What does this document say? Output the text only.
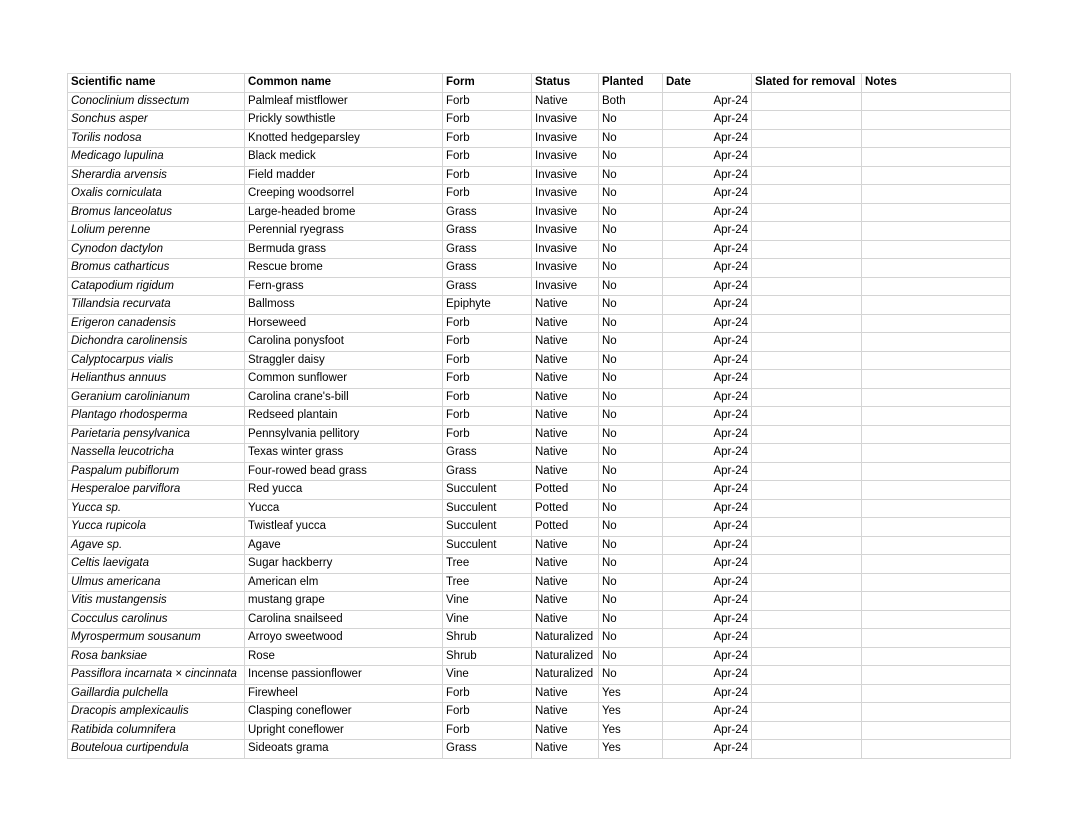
Scientific name	Common name	Form	Status	Planted	Date	Slated for removal	Notes
Conoclinium dissectum	Palmleaf mistflower	Forb	Native	Both	Apr-24		
Sonchus asper	Prickly sowthistle	Forb	Invasive	No	Apr-24		
Torilis nodosa	Knotted hedgeparsley	Forb	Invasive	No	Apr-24		
Medicago lupulina	Black medick	Forb	Invasive	No	Apr-24		
Sherardia arvensis	Field madder	Forb	Invasive	No	Apr-24		
Oxalis corniculata	Creeping woodsorrel	Forb	Invasive	No	Apr-24		
Bromus lanceolatus	Large-headed brome	Grass	Invasive	No	Apr-24		
Lolium perenne	Perennial ryegrass	Grass	Invasive	No	Apr-24		
Cynodon dactylon	Bermuda grass	Grass	Invasive	No	Apr-24		
Bromus catharticus	Rescue brome	Grass	Invasive	No	Apr-24		
Catapodium rigidum	Fern-grass	Grass	Invasive	No	Apr-24		
Tillandsia recurvata	Ballmoss	Epiphyte	Native	No	Apr-24		
Erigeron canadensis	Horseweed	Forb	Native	No	Apr-24		
Dichondra carolinensis	Carolina ponysfoot	Forb	Native	No	Apr-24		
Calyptocarpus vialis	Straggler daisy	Forb	Native	No	Apr-24		
Helianthus annuus	Common sunflower	Forb	Native	No	Apr-24		
Geranium carolinianum	Carolina crane's-bill	Forb	Native	No	Apr-24		
Plantago rhodosperma	Redseed plantain	Forb	Native	No	Apr-24		
Parietaria pensylvanica	Pennsylvania pellitory	Forb	Native	No	Apr-24		
Nassella leucotricha	Texas winter grass	Grass	Native	No	Apr-24		
Paspalum pubiflorum	Four-rowed bead grass	Grass	Native	No	Apr-24		
Hesperaloe parviflora	Red yucca	Succulent	Potted	No	Apr-24		
Yucca sp.	Yucca	Succulent	Potted	No	Apr-24		
Yucca rupicola	Twistleaf yucca	Succulent	Potted	No	Apr-24		
Agave sp.	Agave	Succulent	Native	No	Apr-24		
Celtis laevigata	Sugar hackberry	Tree	Native	No	Apr-24		
Ulmus americana	American elm	Tree	Native	No	Apr-24		
Vitis mustangensis	mustang grape	Vine	Native	No	Apr-24		
Cocculus carolinus	Carolina snailseed	Vine	Native	No	Apr-24		
Myrospermum sousanum	Arroyo sweetwood	Shrub	Naturalized	No	Apr-24		
Rosa banksiae	Rose	Shrub	Naturalized	No	Apr-24		
Passiflora incarnata × cincinnata	Incense passionflower	Vine	Naturalized	No	Apr-24		
Gaillardia pulchella	Firewheel	Forb	Native	Yes	Apr-24		
Dracopis amplexicaulis	Clasping coneflower	Forb	Native	Yes	Apr-24		
Ratibida columnifera	Upright coneflower	Forb	Native	Yes	Apr-24		
Bouteloua curtipendula	Sideoats grama	Grass	Native	Yes	Apr-24		
